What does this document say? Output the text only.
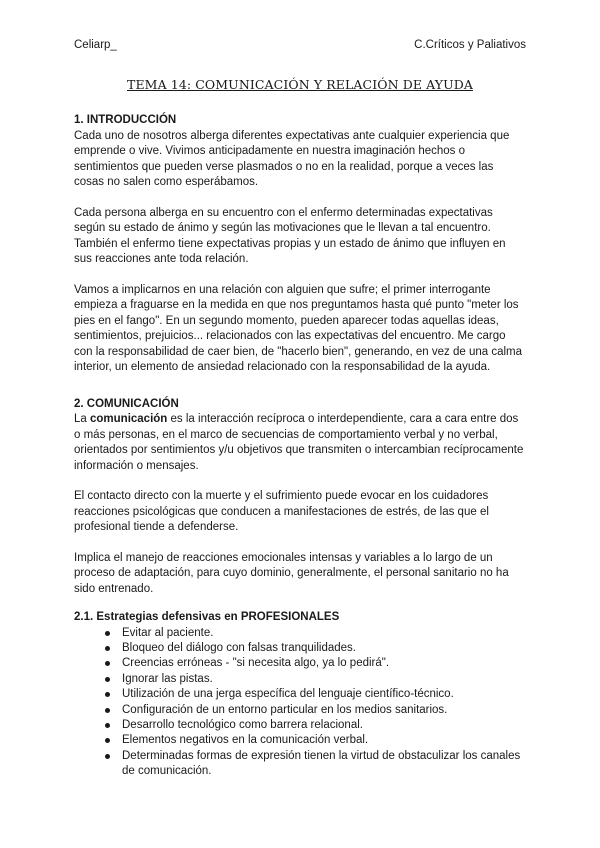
Celiarp_	C.Críticos y Paliativos
TEMA 14: COMUNICACIÓN Y RELACIÓN DE AYUDA
1. INTRODUCCIÓN

Cada uno de nosotros alberga diferentes expectativas ante cualquier experiencia que emprende o vive. Vivimos anticipadamente en nuestra imaginación hechos o sentimientos que pueden verse plasmados o no en la realidad, porque a veces las cosas no salen como esperábamos.

Cada persona alberga en su encuentro con el enfermo determinadas expectativas según su estado de ánimo y según las motivaciones que le llevan a tal encuentro. También el enfermo tiene expectativas propias y un estado de ánimo que influyen en sus reacciones ante toda relación.

Vamos a implicarnos en una relación con alguien que sufre; el primer interrogante empieza a fraguarse en la medida en que nos preguntamos hasta qué punto "meter los pies en el fango". En un segundo momento, pueden aparecer todas aquellas ideas, sentimientos, prejuicios... relacionados con las expectativas del encuentro. Me cargo con la responsabilidad de caer bien, de "hacerlo bien", generando, en vez de una calma interior, un elemento de ansiedad relacionado con la responsabilidad de la ayuda.

2. COMUNICACIÓN

La comunicación es la interacción recíproca o interdependiente, cara a cara entre dos o más personas, en el marco de secuencias de comportamiento verbal y no verbal, orientados por sentimientos y/u objetivos que transmiten o intercambian recíprocamente información o mensajes.

El contacto directo con la muerte y el sufrimiento puede evocar en los cuidadores reacciones psicológicas que conducen a manifestaciones de estrés, de las que el profesional tiende a defenderse.

Implica el manejo de reacciones emocionales intensas y variables a lo largo de un proceso de adaptación, para cuyo dominio, generalmente, el personal sanitario no ha sido entrenado.

2.1. Estrategias defensivas en PROFESIONALES
Evitar al paciente.
Bloqueo del diálogo con falsas tranquilidades.
Creencias erróneas - "si necesita algo, ya lo pedirá".
Ignorar las pistas.
Utilización de una jerga específica del lenguaje científico-técnico.
Configuración de un entorno particular en los medios sanitarios.
Desarrollo tecnológico como barrera relacional.
Elementos negativos en la comunicación verbal.
Determinadas formas de expresión tienen la virtud de obstaculizar los canales de comunicación.
